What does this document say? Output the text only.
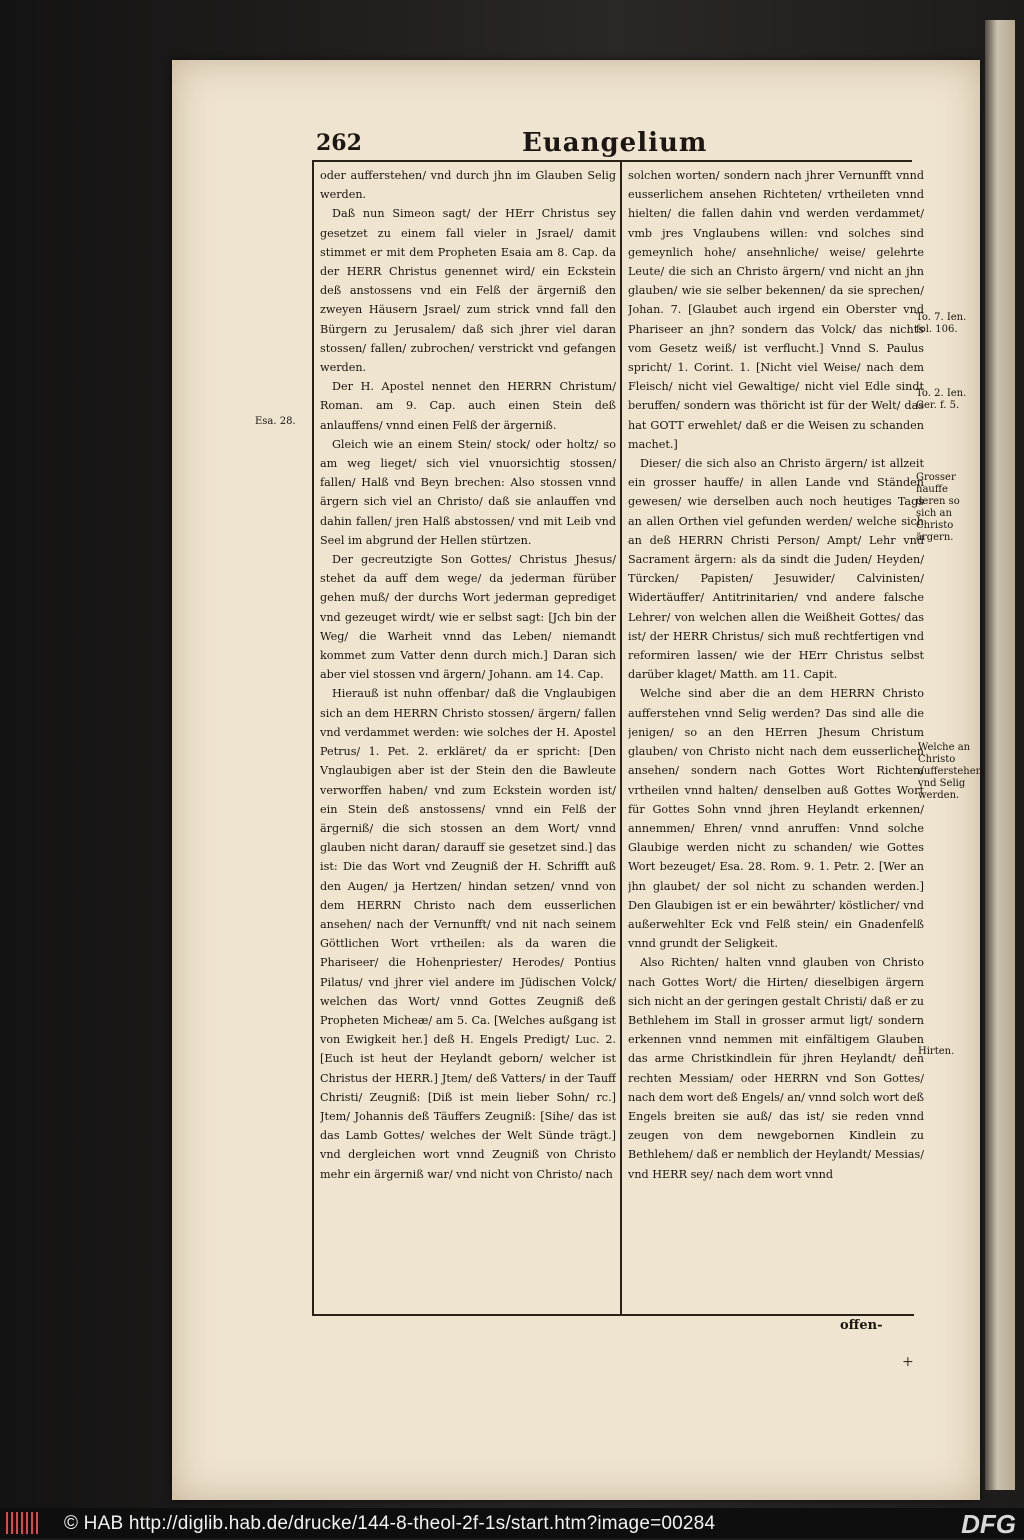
262	Euangelium

oder aufferstehen/ vnd durch jhn im Glauben Selig werden.

Daß nun Simeon sagt/ der HErr Christus sey gesetzet zu einem fall vieler in Jsrael/ damit stimmet er mit dem Propheten Esaia am 8. Cap. da der HERR Christus genennet wird/ ein Eckstein deß anstossens vnd ein Felß der ärgerniß den zweyen Häusern Jsrael/ zum strick vnnd fall den Bürgern zu Jerusalem/ daß sich jhrer viel daran stossen/ fallen/ zubrochen/ verstrickt vnd gefangen werden.

Der H. Apostel nennet den HERRN Christum/ Roman. am 9. Cap. auch einen Stein deß anlauffens/ vnnd einen Felß der ärgerniß.

Gleich wie an einem Stein/ stock/ oder holtz/ so am weg lieget/ sich viel vnuorsichtig stossen/ fallen/ Halß vnd Beyn brechen: Also stossen vnnd ärgern sich viel an Christo/ daß sie anlauffen vnd dahin fallen/ jren Halß abstossen/ vnd mit Leib vnd Seel im abgrund der Hellen stürtzen.

Der gecreutzigte Son Gottes/ Christus Jhesus/ stehet da auff dem wege/ da jederman fürüber gehen muß/ der durchs Wort jederman geprediget vnd gezeuget wirdt/ wie er selbst sagt: [Jch bin der Weg/ die Warheit vnnd das Leben/ niemandt kommet zum Vatter denn durch mich.] Daran sich aber viel stossen vnd ärgern/ Johann. am 14. Cap.

Hierauß ist nuhn offenbar/ daß die Vnglaubigen sich an dem HERRN Christo stossen/ ärgern/ fallen vnd verdammet werden: wie solches der H. Apostel Petrus/ 1. Pet. 2. erkläret/ da er spricht: [Den Vnglaubigen aber ist der Stein den die Bawleute verworffen haben/ vnd zum Eckstein worden ist/ ein Stein deß anstossens/ vnnd ein Felß der ärgerniß/ die sich stossen an dem Wort/ vnnd glauben nicht daran/ darauff sie gesetzet sind.] das ist: Die das Wort vnd Zeugniß der H. Schrifft auß den Augen/ ja Hertzen/ hindan setzen/ vnnd von dem HERRN Christo nach dem eusserlichen ansehen/ nach der Vernunfft/ vnd nit nach seinem Göttlichen Wort vrtheilen: als da waren die Phariseer/ die Hohenpriester/ Herodes/ Pontius Pilatus/ vnd jhrer viel andere im Jüdischen Volck/ welchen das Wort/ vnnd Gottes Zeugniß deß Propheten Micheæ/ am 5. Ca. [Welches außgang ist von Ewigkeit her.] deß H. Engels Predigt/ Luc. 2. [Euch ist heut der Heylandt geborn/ welcher ist Christus der HERR.] Jtem/ deß Vatters/ in der Tauff Christi/ Zeugniß: [Diß ist mein lieber Sohn/ rc.] Jtem/ Johannis deß Täuffers Zeugniß: [Sihe/ das ist das Lamb Gottes/ welches der Welt Sünde trägt.] vnd dergleichen wort vnnd Zeugniß von Christo mehr ein ärgerniß war/ vnd nicht von Christo/ nach

solchen worten/ sondern nach jhrer Vernunfft vnnd eusserlichem ansehen Richteten/ vrtheileten vnnd hielten/ die fallen dahin vnd werden verdammet/ vmb jres Vnglaubens willen: vnd solches sind gemeynlich hohe/ ansehnliche/ weise/ gelehrte Leute/ die sich an Christo ärgern/ vnd nicht an jhn glauben/ wie sie selber bekennen/ da sie sprechen/ Johan. 7. [Glaubet auch irgend ein Oberster vnd Phariseer an jhn? sondern das Volck/ das nichts vom Gesetz weiß/ ist verflucht.] Vnnd S. Paulus spricht/ 1. Corint. 1. [Nicht viel Weise/ nach dem Fleisch/ nicht viel Gewaltige/ nicht viel Edle sindt beruffen/ sondern was thöricht ist für der Welt/ das hat GOTT erwehlet/ daß er die Weisen zu schanden machet.]

Dieser/ die sich also an Christo ärgern/ ist allzeit ein grosser hauffe/ in allen Lande vnd Ständen gewesen/ wie derselben auch noch heutiges Tags an allen Orthen viel gefunden werden/ welche sich an deß HERRN Christi Person/ Ampt/ Lehr vnd Sacrament ärgern: als da sindt die Juden/ Heyden/ Türcken/ Papisten/ Jesuwider/ Calvinisten/ Widertäuffer/ Antitrinitarien/ vnd andere falsche Lehrer/ von welchen allen die Weißheit Gottes/ das ist/ der HERR Christus/ sich muß rechtfertigen vnd reformiren lassen/ wie der HErr Christus selbst darüber klaget/ Matth. am 11. Capit.

Welche sind aber die an dem HERRN Christo aufferstehen vnnd Selig werden? Das sind alle die jenigen/ so an den HErren Jhesum Christum glauben/ von Christo nicht nach dem eusserlichen ansehen/ sondern nach Gottes Wort Richten/ vrtheilen vnnd halten/ denselben auß Gottes Wort für Gottes Sohn vnnd jhren Heylandt erkennen/ annemmen/ Ehren/ vnnd anruffen: Vnnd solche Glaubige werden nicht zu schanden/ wie Gottes Wort bezeuget/ Esa. 28. Rom. 9. 1. Petr. 2. [Wer an jhn glaubet/ der sol nicht zu schanden werden.] Den Glaubigen ist er ein bewährter/ köstlicher/ vnd außerwehlter Eck vnd Felß stein/ ein Gnadenfelß vnnd grundt der Seligkeit.

Also Richten/ halten vnnd glauben von Christo nach Gottes Wort/ die Hirten/ dieselbigen ärgern sich nicht an der geringen gestalt Christi/ daß er zu Bethlehem im Stall in grosser armut ligt/ sondern erkennen vnnd nemmen mit einfältigem Glauben das arme Christkindlein für jhren Heylandt/ den rechten Messiam/ oder HERRN vnd Son Gottes/ nach dem wort deß Engels/ an/ vnnd solch wort deß Engels breiten sie auß/ das ist/ sie reden vnnd zeugen von dem newgebornen Kindlein zu Bethlehem/ daß er nemblich der Heylandt/ Messias/ vnd HERR sey/ nach dem wort vnnd

Esa. 28.
To. 7. Ien. fol. 106.
To. 2. Ien. Ger. f. 5.
Grosser hauffe deren so sich an Christo ärgern.
Welche an Christo aufferstehen vnd Selig werden.
Hirten.
offen-
+
© HAB http://diglib.hab.de/drucke/144-8-theol-2f-1s/start.htm?image=00284	DFG
